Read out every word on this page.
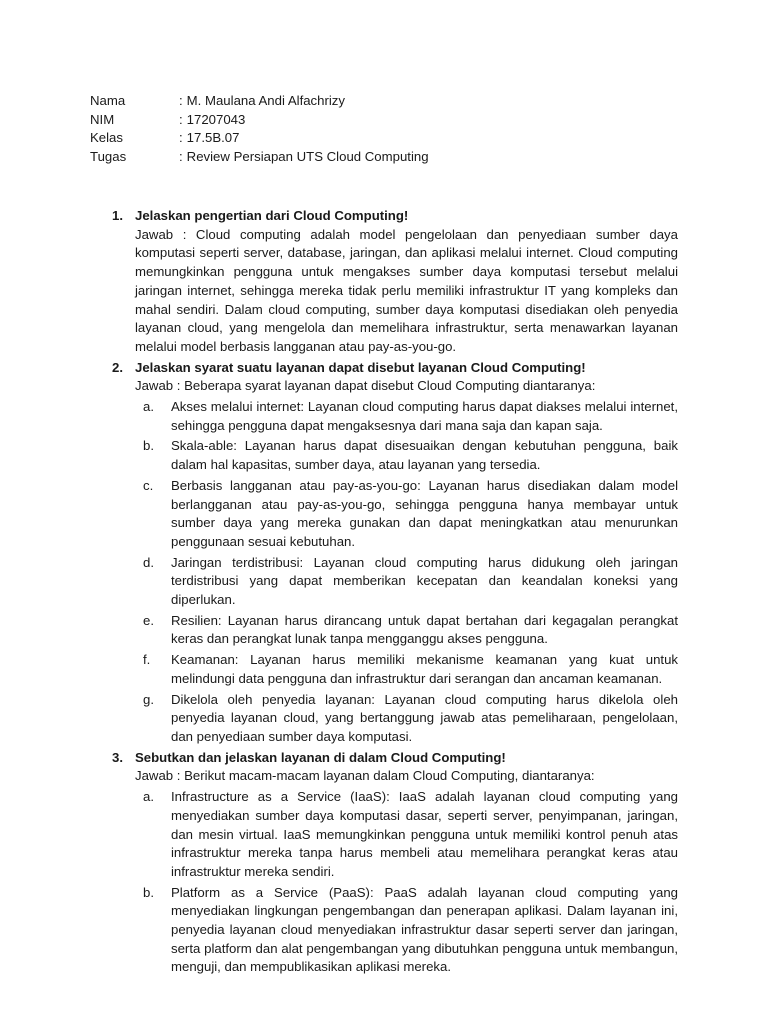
Nama	: M. Maulana Andi Alfachrizy
NIM	: 17207043
Kelas	: 17.5B.07
Tugas	: Review Persiapan UTS Cloud Computing
1. Jelaskan pengertian dari Cloud Computing!
Jawab : Cloud computing adalah model pengelolaan dan penyediaan sumber daya komputasi seperti server, database, jaringan, dan aplikasi melalui internet. Cloud computing memungkinkan pengguna untuk mengakses sumber daya komputasi tersebut melalui jaringan internet, sehingga mereka tidak perlu memiliki infrastruktur IT yang kompleks dan mahal sendiri. Dalam cloud computing, sumber daya komputasi disediakan oleh penyedia layanan cloud, yang mengelola dan memelihara infrastruktur, serta menawarkan layanan melalui model berbasis langganan atau pay-as-you-go.
2. Jelaskan syarat suatu layanan dapat disebut layanan Cloud Computing!
Jawab : Beberapa syarat layanan dapat disebut Cloud Computing diantaranya:
a. Akses melalui internet: Layanan cloud computing harus dapat diakses melalui internet, sehingga pengguna dapat mengaksesnya dari mana saja dan kapan saja.
b. Skala-able: Layanan harus dapat disesuaikan dengan kebutuhan pengguna, baik dalam hal kapasitas, sumber daya, atau layanan yang tersedia.
c. Berbasis langganan atau pay-as-you-go: Layanan harus disediakan dalam model berlangganan atau pay-as-you-go, sehingga pengguna hanya membayar untuk sumber daya yang mereka gunakan dan dapat meningkatkan atau menurunkan penggunaan sesuai kebutuhan.
d. Jaringan terdistribusi: Layanan cloud computing harus didukung oleh jaringan terdistribusi yang dapat memberikan kecepatan dan keandalan koneksi yang diperlukan.
e. Resilien: Layanan harus dirancang untuk dapat bertahan dari kegagalan perangkat keras dan perangkat lunak tanpa mengganggu akses pengguna.
f. Keamanan: Layanan harus memiliki mekanisme keamanan yang kuat untuk melindungi data pengguna dan infrastruktur dari serangan dan ancaman keamanan.
g. Dikelola oleh penyedia layanan: Layanan cloud computing harus dikelola oleh penyedia layanan cloud, yang bertanggung jawab atas pemeliharaan, pengelolaan, dan penyediaan sumber daya komputasi.
3. Sebutkan dan jelaskan layanan di dalam Cloud Computing!
Jawab : Berikut macam-macam layanan dalam Cloud Computing, diantaranya:
a. Infrastructure as a Service (IaaS): IaaS adalah layanan cloud computing yang menyediakan sumber daya komputasi dasar, seperti server, penyimpanan, jaringan, dan mesin virtual. IaaS memungkinkan pengguna untuk memiliki kontrol penuh atas infrastruktur mereka tanpa harus membeli atau memelihara perangkat keras atau infrastruktur mereka sendiri.
b. Platform as a Service (PaaS): PaaS adalah layanan cloud computing yang menyediakan lingkungan pengembangan dan penerapan aplikasi. Dalam layanan ini, penyedia layanan cloud menyediakan infrastruktur dasar seperti server dan jaringan, serta platform dan alat pengembangan yang dibutuhkan pengguna untuk membangun, menguji, dan mempublikasikan aplikasi mereka.
